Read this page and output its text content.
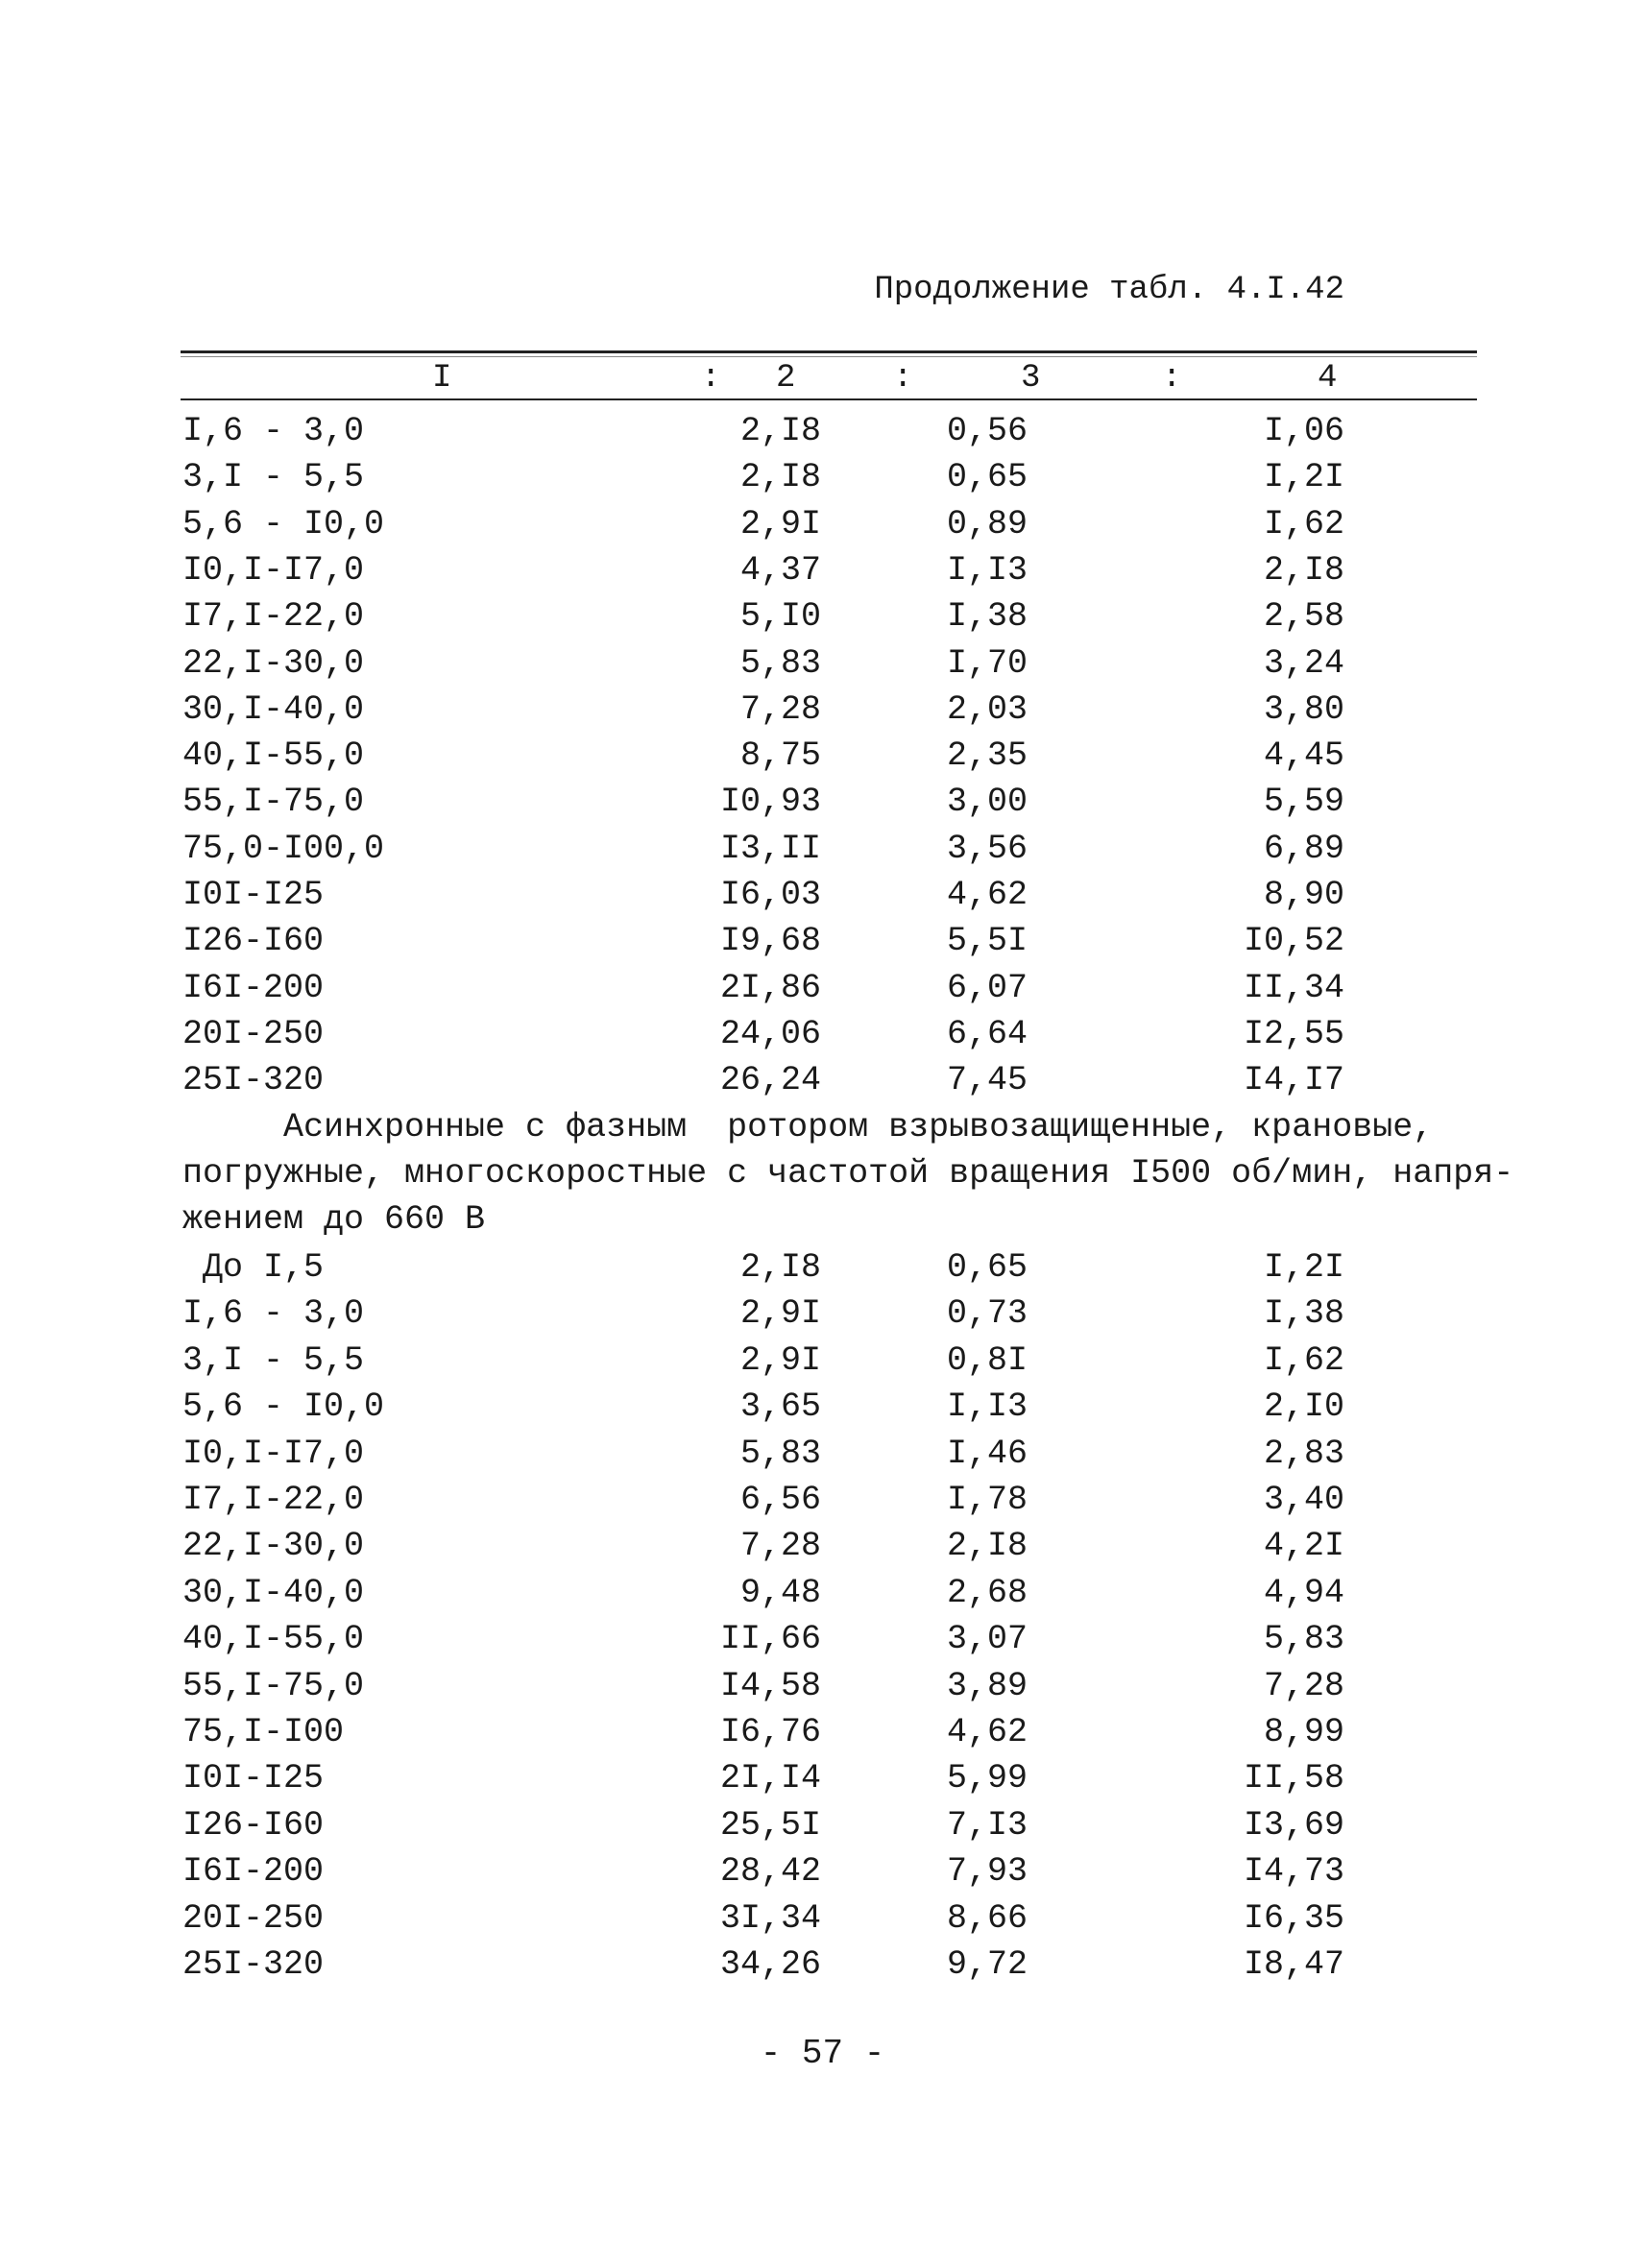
Продолжение табл. 4.I.42
I	: 2	:	3	:	4
I,6 - 3,0	2,I8	0,56	I,06
3,I - 5,5	2,I8	0,65	I,2I
5,6 - I0,0	2,9I	0,89	I,62
I0,I-I7,0	4,37	I,I3	2,I8
I7,I-22,0	5,I0	I,38	2,58
22,I-30,0	5,83	I,70	3,24
30,I-40,0	7,28	2,03	3,80
40,I-55,0	8,75	2,35	4,45
55,I-75,0	I0,93	3,00	5,59
75,0-I00,0	I3,II	3,56	6,89
I0I-I25	I6,03	4,62	8,90
I26-I60	I9,68	5,5I	I0,52
I6I-200	2I,86	6,07	II,34
20I-250	24,06	6,64	I2,55
25I-320	26,24	7,45	I4,I7
Асинхронные с фазным  ротором взрывозащищенные, крановые,
погружные, многоскоростные с частотой вращения I500 об/мин, напря-
жением до 660 В
До I,5	2,I8	0,65	I,2I
I,6 - 3,0	2,9I	0,73	I,38
3,I - 5,5	2,9I	0,8I	I,62
5,6 - I0,0	3,65	I,I3	2,I0
I0,I-I7,0	5,83	I,46	2,83
I7,I-22,0	6,56	I,78	3,40
22,I-30,0	7,28	2,I8	4,2I
30,I-40,0	9,48	2,68	4,94
40,I-55,0	II,66	3,07	5,83
55,I-75,0	I4,58	3,89	7,28
75,I-I00	I6,76	4,62	8,99
I0I-I25	2I,I4	5,99	II,58
I26-I60	25,5I	7,I3	I3,69
I6I-200	28,42	7,93	I4,73
20I-250	3I,34	8,66	I6,35
25I-320	34,26	9,72	I8,47
- 57 -
